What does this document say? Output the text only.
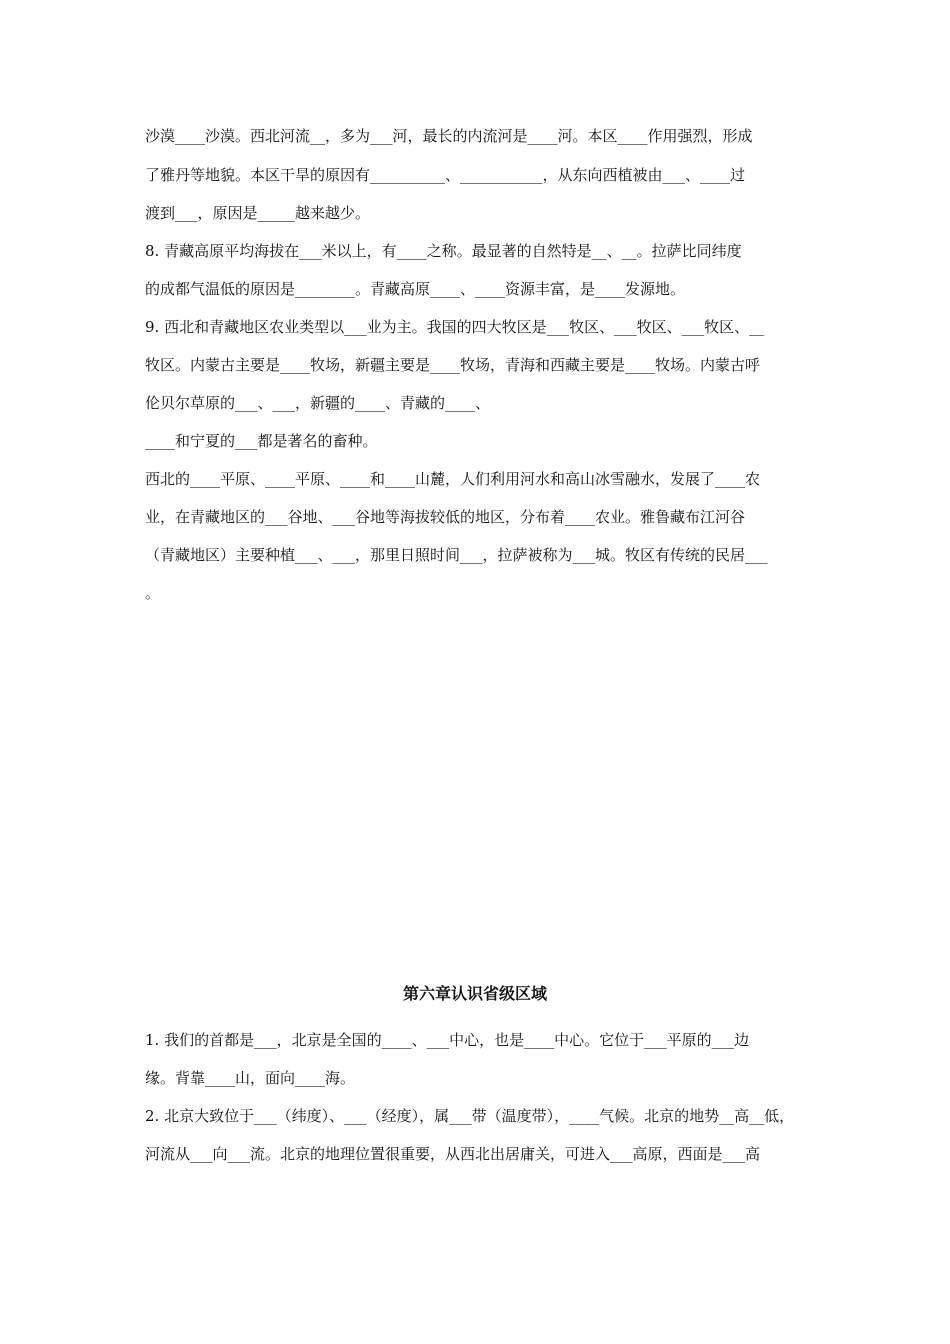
沙漠____沙漠。西北河流__，多为___河，最长的内流河是____河。本区____作用强烈，形成

了雅丹等地貌。本区干旱的原因有__________、___________，从东向西植被由___、____过

渡到___，原因是_____越来越少。

8. 青藏高原平均海拔在___米以上，有____之称。最显著的自然特是__、__。拉萨比同纬度

的成都气温低的原因是________。青藏高原____、____资源丰富，是____发源地。

9. 西北和青藏地区农业类型以___业为主。我国的四大牧区是___牧区、___牧区、___牧区、__

牧区。内蒙古主要是____牧场，新疆主要是____牧场，青海和西藏主要是____牧场。内蒙古呼

伦贝尔草原的___、___，新疆的____、青藏的____、

____和宁夏的___都是著名的畜种。

西北的____平原、____平原、____和____山麓，人们利用河水和高山冰雪融水，发展了____农

业，在青藏地区的___谷地、___谷地等海拔较低的地区，分布着____农业。雅鲁藏布江河谷

（青藏地区）主要种植___、___，那里日照时间___，拉萨被称为___城。牧区有传统的民居___

。

第六章认识省级区域

1. 我们的首都是___，北京是全国的____、___中心，也是____中心。它位于___平原的___边

缘。背靠____山，面向____海。

2. 北京大致位于___（纬度）、___（经度），属___带（温度带），____气候。北京的地势__高__低，

河流从___向___流。北京的地理位置很重要，从西北出居庸关，可进入___高原，西面是___高
